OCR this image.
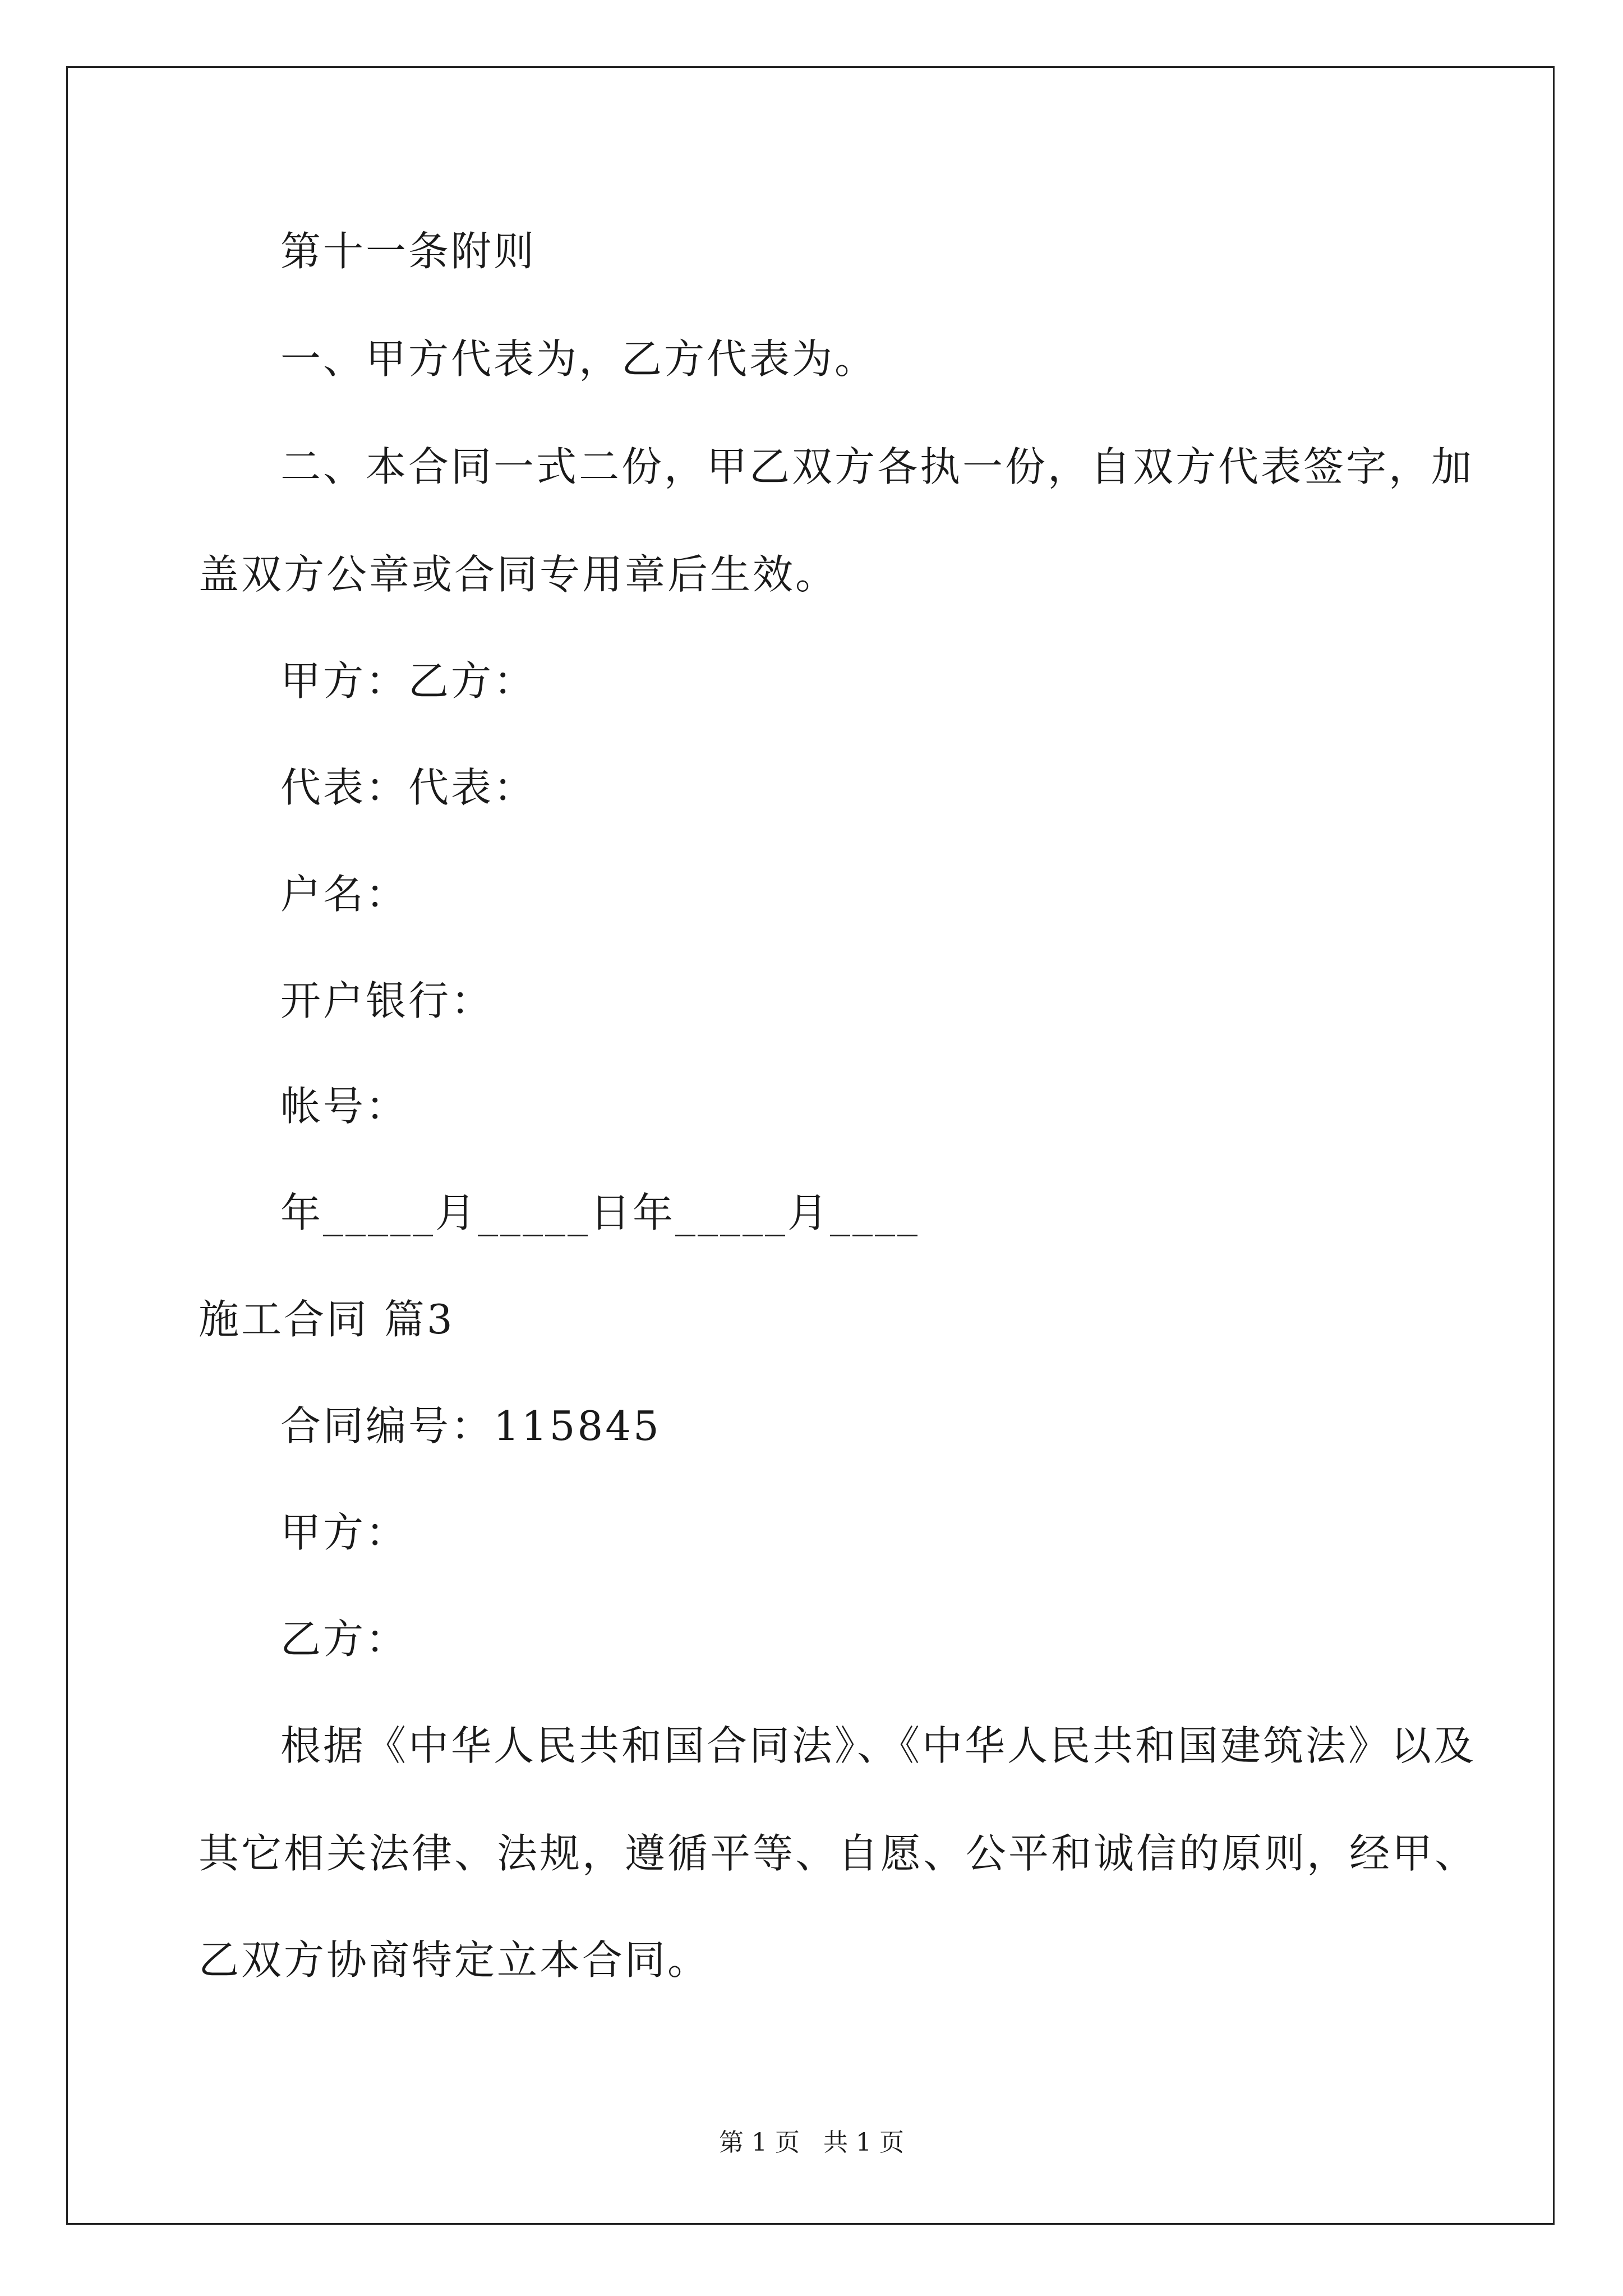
第十一条附则
一、甲方代表为，乙方代表为。
二、本合同一式二份，甲乙双方各执一份，自双方代表签字，加
盖双方公章或合同专用章后生效。
甲方：乙方：
代表：代表：
户名：
开户银行：
帐号：
年_____月_____日年_____月____
施工合同 篇3
合同编号：115845
甲方：
乙方：
根据《中华人民共和国合同法》、《中华人民共和国建筑法》以及
其它相关法律、法规，遵循平等、自愿、公平和诚信的原则，经甲、
乙双方协商特定立本合同。
第 1 页   共 1 页
